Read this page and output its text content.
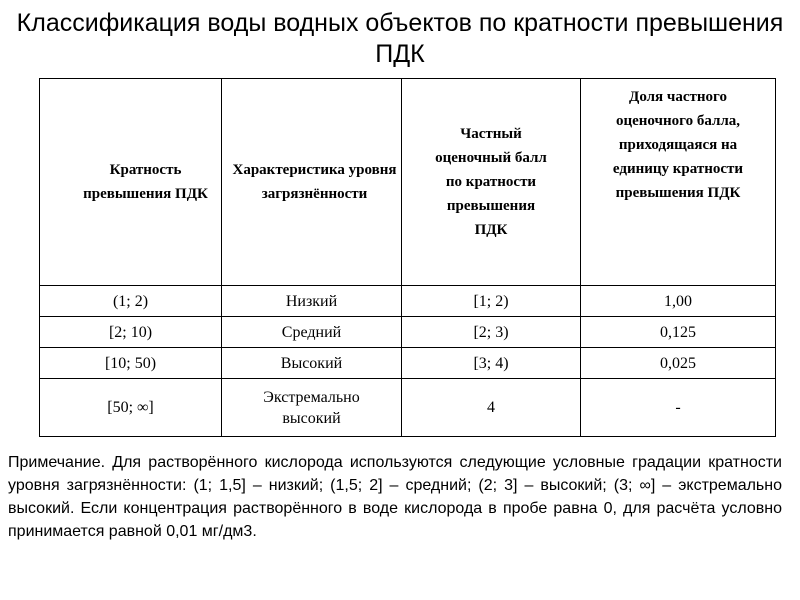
Классификация воды водных объектов по кратности превышения ПДК
Кратность превышения ПДК	Характеристика уровня загрязнённости	Частный оценочный балл по кратности превышения ПДК	Доля частного оценочного балла, приходящаяся на единицу кратности превышения ПДК
(1; 2)	Низкий	[1; 2)	1,00
[2; 10)	Средний	[2; 3)	0,125
[10; 50)	Высокий	[3; 4)	0,025
[50; ∞]	Экстремально высокий	4	-
Примечание. Для растворённого кислорода используются следующие условные градации кратности уровня загрязнённости: (1; 1,5] – низкий; (1,5; 2] – средний; (2; 3] – высокий; (3; ∞] – экстремально высокий. Если концентрация растворённого в воде кислорода в пробе равна 0, для расчёта условно принимается равной 0,01 мг/дм3.
